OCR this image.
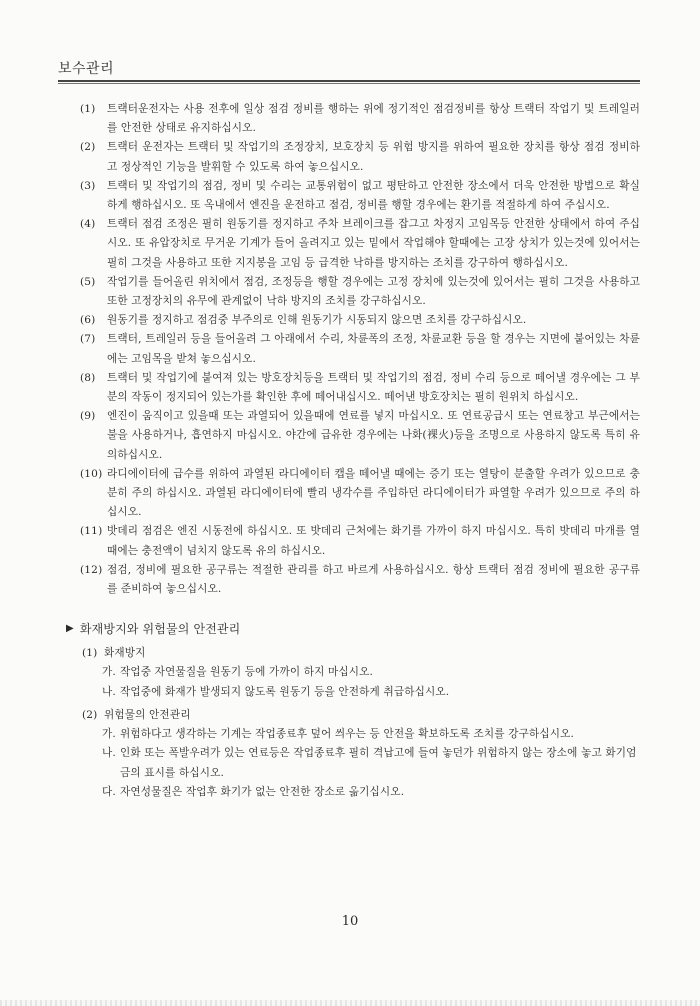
보수관리
(1)	트랙터운전자는 사용 전후에 일상 점검 정비를 행하는 위에 정기적인 점검정비를 항상 트랙터 작업기 및 트레일러를 안전한 상태로 유지하십시오.
(2)	트랙터 운전자는 트랙터 및 작업기의 조정장치, 보호장치 등 위험 방지를 위하여 필요한 장치를 항상 점검 정비하고 정상적인 기능을 발휘할 수 있도록 하여 놓으십시오.
(3)	트랙터 및 작업기의 점검, 정비 및 수리는 교통위험이 없고 평탄하고 안전한 장소에서 더욱 안전한 방법으로 확실하게 행하십시오. 또 옥내에서 엔진을 운전하고 점검, 정비를 행할 경우에는 환기를 적절하게 하여 주십시오.
(4)	트랙터 점검 조정은 필히 원동기를 정지하고 주차 브레이크를 잡그고 차정지 고임목등 안전한 상태에서 하여 주십시오. 또 유압장치로 무거운 기계가 들어 올려지고 있는 밑에서 작업해야 할때에는 고장 상치가 있는것에 있어서는 필히 그것을 사용하고 또한 지지봉을 고임 등 급격한 낙하를 방지하는 조치를 강구하여 행하십시오.
(5)	작업기를 들어올린 위치에서 점검, 조정등을 행할 경우에는 고정 장치에 있는것에 있어서는 필히 그것을 사용하고 또한 고정장치의 유무에 관계없이 낙하 방지의 조치를 강구하십시오.
(6)	원동기를 정지하고 점검중 부주의로 인해 원동기가 시동되지 않으면 조치를 강구하십시오.
(7)	트랙터, 트레일러 등을 들어올려 그 아래에서 수리, 차륜폭의 조정, 차륜교환 등을 할 경우는 지면에 붙어있는 차륜에는 고임목을 받쳐 놓으십시오.
(8)	트랙터 및 작업기에 붙여져 있는 방호장치등을 트랙터 및 작업기의 점검, 정비 수리 등으로 떼어낼 경우에는 그 부분의 작동이 정지되어 있는가를 확인한 후에 떼어내십시오. 떼어낸 방호장치는 필히 원위치 하십시오.
(9)	엔진이 움직이고 있을때 또는 과열되어 있을때에 연료를 넣지 마십시오. 또 연료공급시 또는 연료창고 부근에서는 불을 사용하거나, 흡연하지 마십시오. 야간에 급유한 경우에는 나화(裸火)등을 조명으로 사용하지 않도록 특히 유의하십시오.
(10) 라디에이터에 급수를 위하여 과열된 라디에이터 캡을 떼어낼 때에는 증기 또는 열탕이 분출할 우려가 있으므로 충분히 주의 하십시오. 과열된 라디에이터에 빨리 냉각수를 주입하던 라디에이터가 파열할 우려가 있으므로 주의 하십시오.
(11) 밧데리 점검은 엔진 시동전에 하십시오. 또 밧데리 근처에는 화기를 가까이 하지 마십시오. 특히 밧데리 마개를 열때에는 충전액이 넘치지 않도록 유의 하십시오.
(12) 점검, 정비에 필요한 공구류는 적절한 관리를 하고 바르게 사용하십시오. 항상 트랙터 점검 정비에 필요한 공구류를 준비하여 놓으십시오.
▶ 화재방지와 위험물의 안전관리
(1) 화재방지
가. 작업중 자연물질을 원동기 등에 가까이 하지 마십시오.
나. 작업중에 화재가 발생되지 않도록 원동기 등을 안전하게 취급하십시오.
(2) 위험물의 안전관리
가. 위험하다고 생각하는 기계는 작업종료후 덮어 씌우는 등 안전을 확보하도록 조치를 강구하십시오.
나. 인화 또는 폭발우려가 있는 연료등은 작업종료후 필히 격납고에 들여 놓던가 위험하지 않는 장소에 놓고 화기엄금의 표시를 하십시오.
다. 자연성물질은 작업후 화기가 없는 안전한 장소로 옮기십시오.
10
